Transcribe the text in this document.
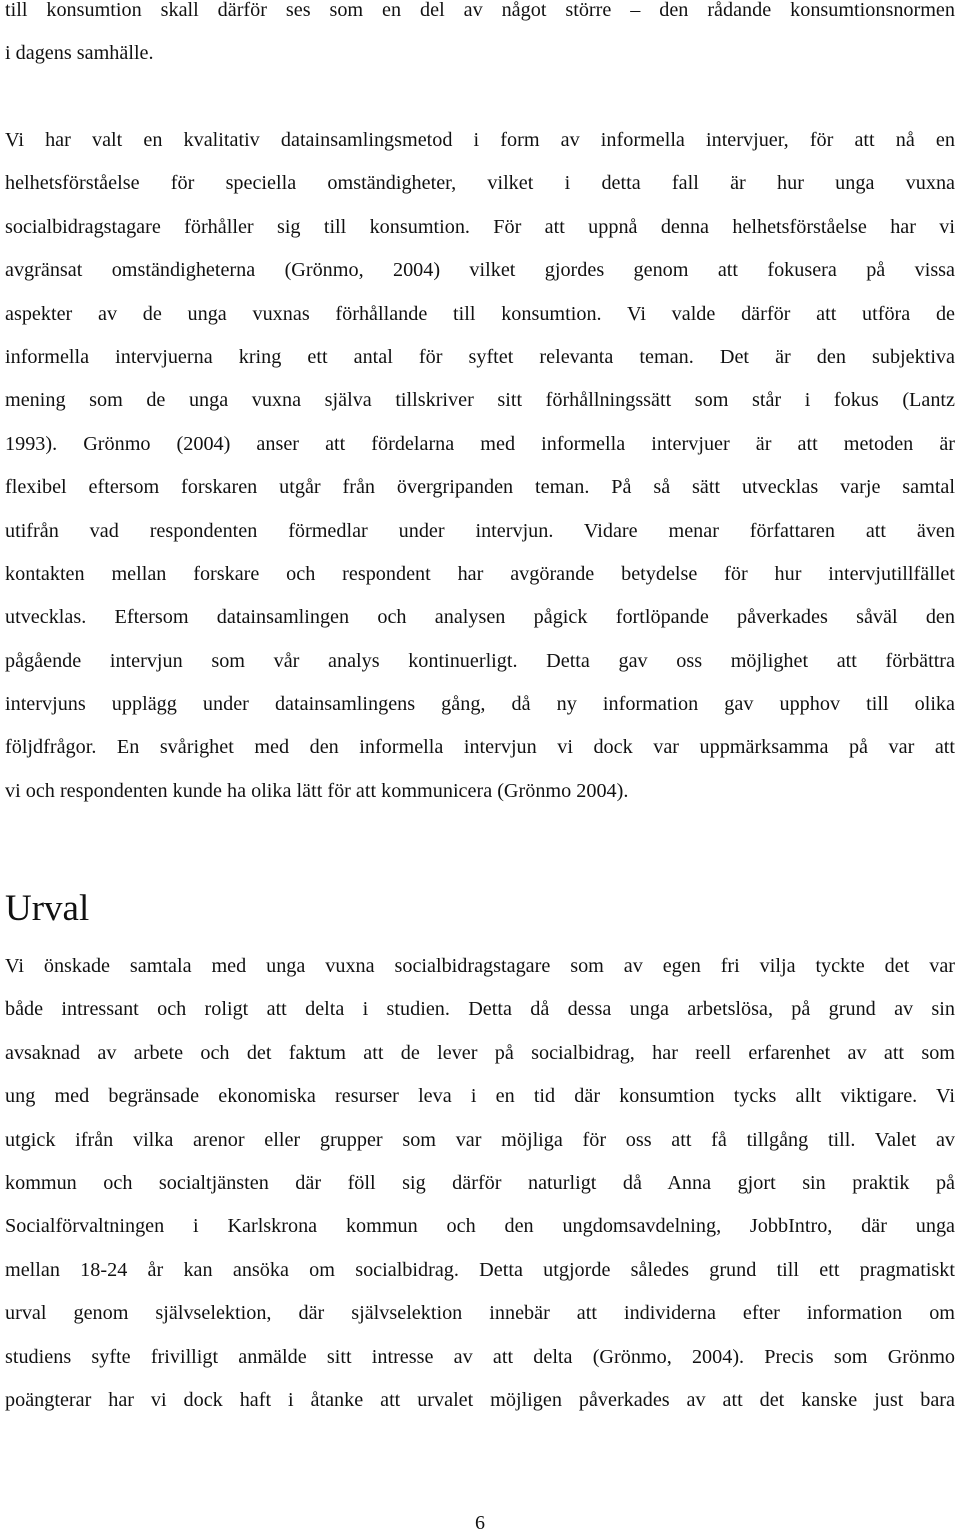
till konsumtion skall därför ses som en del av något större – den rådande konsumtionsnormen
i dagens samhälle.

Vi har valt en kvalitativ datainsamlingsmetod i form av informella intervjuer, för att nå en
helhetsförståelse för speciella omständigheter, vilket i detta fall är hur unga vuxna
socialbidragstagare förhåller sig till konsumtion. För att uppnå denna helhetsförståelse har vi
avgränsat omständigheterna (Grönmo, 2004) vilket gjordes genom att fokusera på vissa
aspekter av de unga vuxnas förhållande till konsumtion. Vi valde därför att utföra de
informella intervjuerna kring ett antal för syftet relevanta teman. Det är den subjektiva
mening som de unga vuxna själva tillskriver sitt förhållningssätt som står i fokus (Lantz
1993). Grönmo (2004) anser att fördelarna med informella intervjuer är att metoden är
flexibel eftersom forskaren utgår från övergripanden teman. På så sätt utvecklas varje samtal
utifrån vad respondenten förmedlar under intervjun. Vidare menar författaren att även
kontakten mellan forskare och respondent har avgörande betydelse för hur intervjutillfället
utvecklas. Eftersom datainsamlingen och analysen pågick fortlöpande påverkades såväl den
pågående intervjun som vår analys kontinuerligt. Detta gav oss möjlighet att förbättra
intervjuns upplägg under datainsamlingens gång, då ny information gav upphov till olika
följdfrågor. En svårighet med den informella intervjun vi dock var uppmärksamma på var att
vi och respondenten kunde ha olika lätt för att kommunicera (Grönmo 2004).

Urval

Vi önskade samtala med unga vuxna socialbidragstagare som av egen fri vilja tyckte det var
både intressant och roligt att delta i studien. Detta då dessa unga arbetslösa, på grund av sin
avsaknad av arbete och det faktum att de lever på socialbidrag, har reell erfarenhet av att som
ung med begränsade ekonomiska resurser leva i en tid där konsumtion tycks allt viktigare. Vi
utgick ifrån vilka arenor eller grupper som var möjliga för oss att få tillgång till. Valet av
kommun och socialtjänsten där föll sig därför naturligt då Anna gjort sin praktik på
Socialförvaltningen i Karlskrona kommun och den ungdomsavdelning, JobbIntro, där unga
mellan 18-24 år kan ansöka om socialbidrag. Detta utgjorde således grund till ett pragmatiskt
urval genom självselektion, där självselektion innebär att individerna efter information om
studiens syfte frivilligt anmälde sitt intresse av att delta (Grönmo, 2004). Precis som Grönmo
poängterar har vi dock haft i åtanke att urvalet möjligen påverkades av att det kanske just bara

6
